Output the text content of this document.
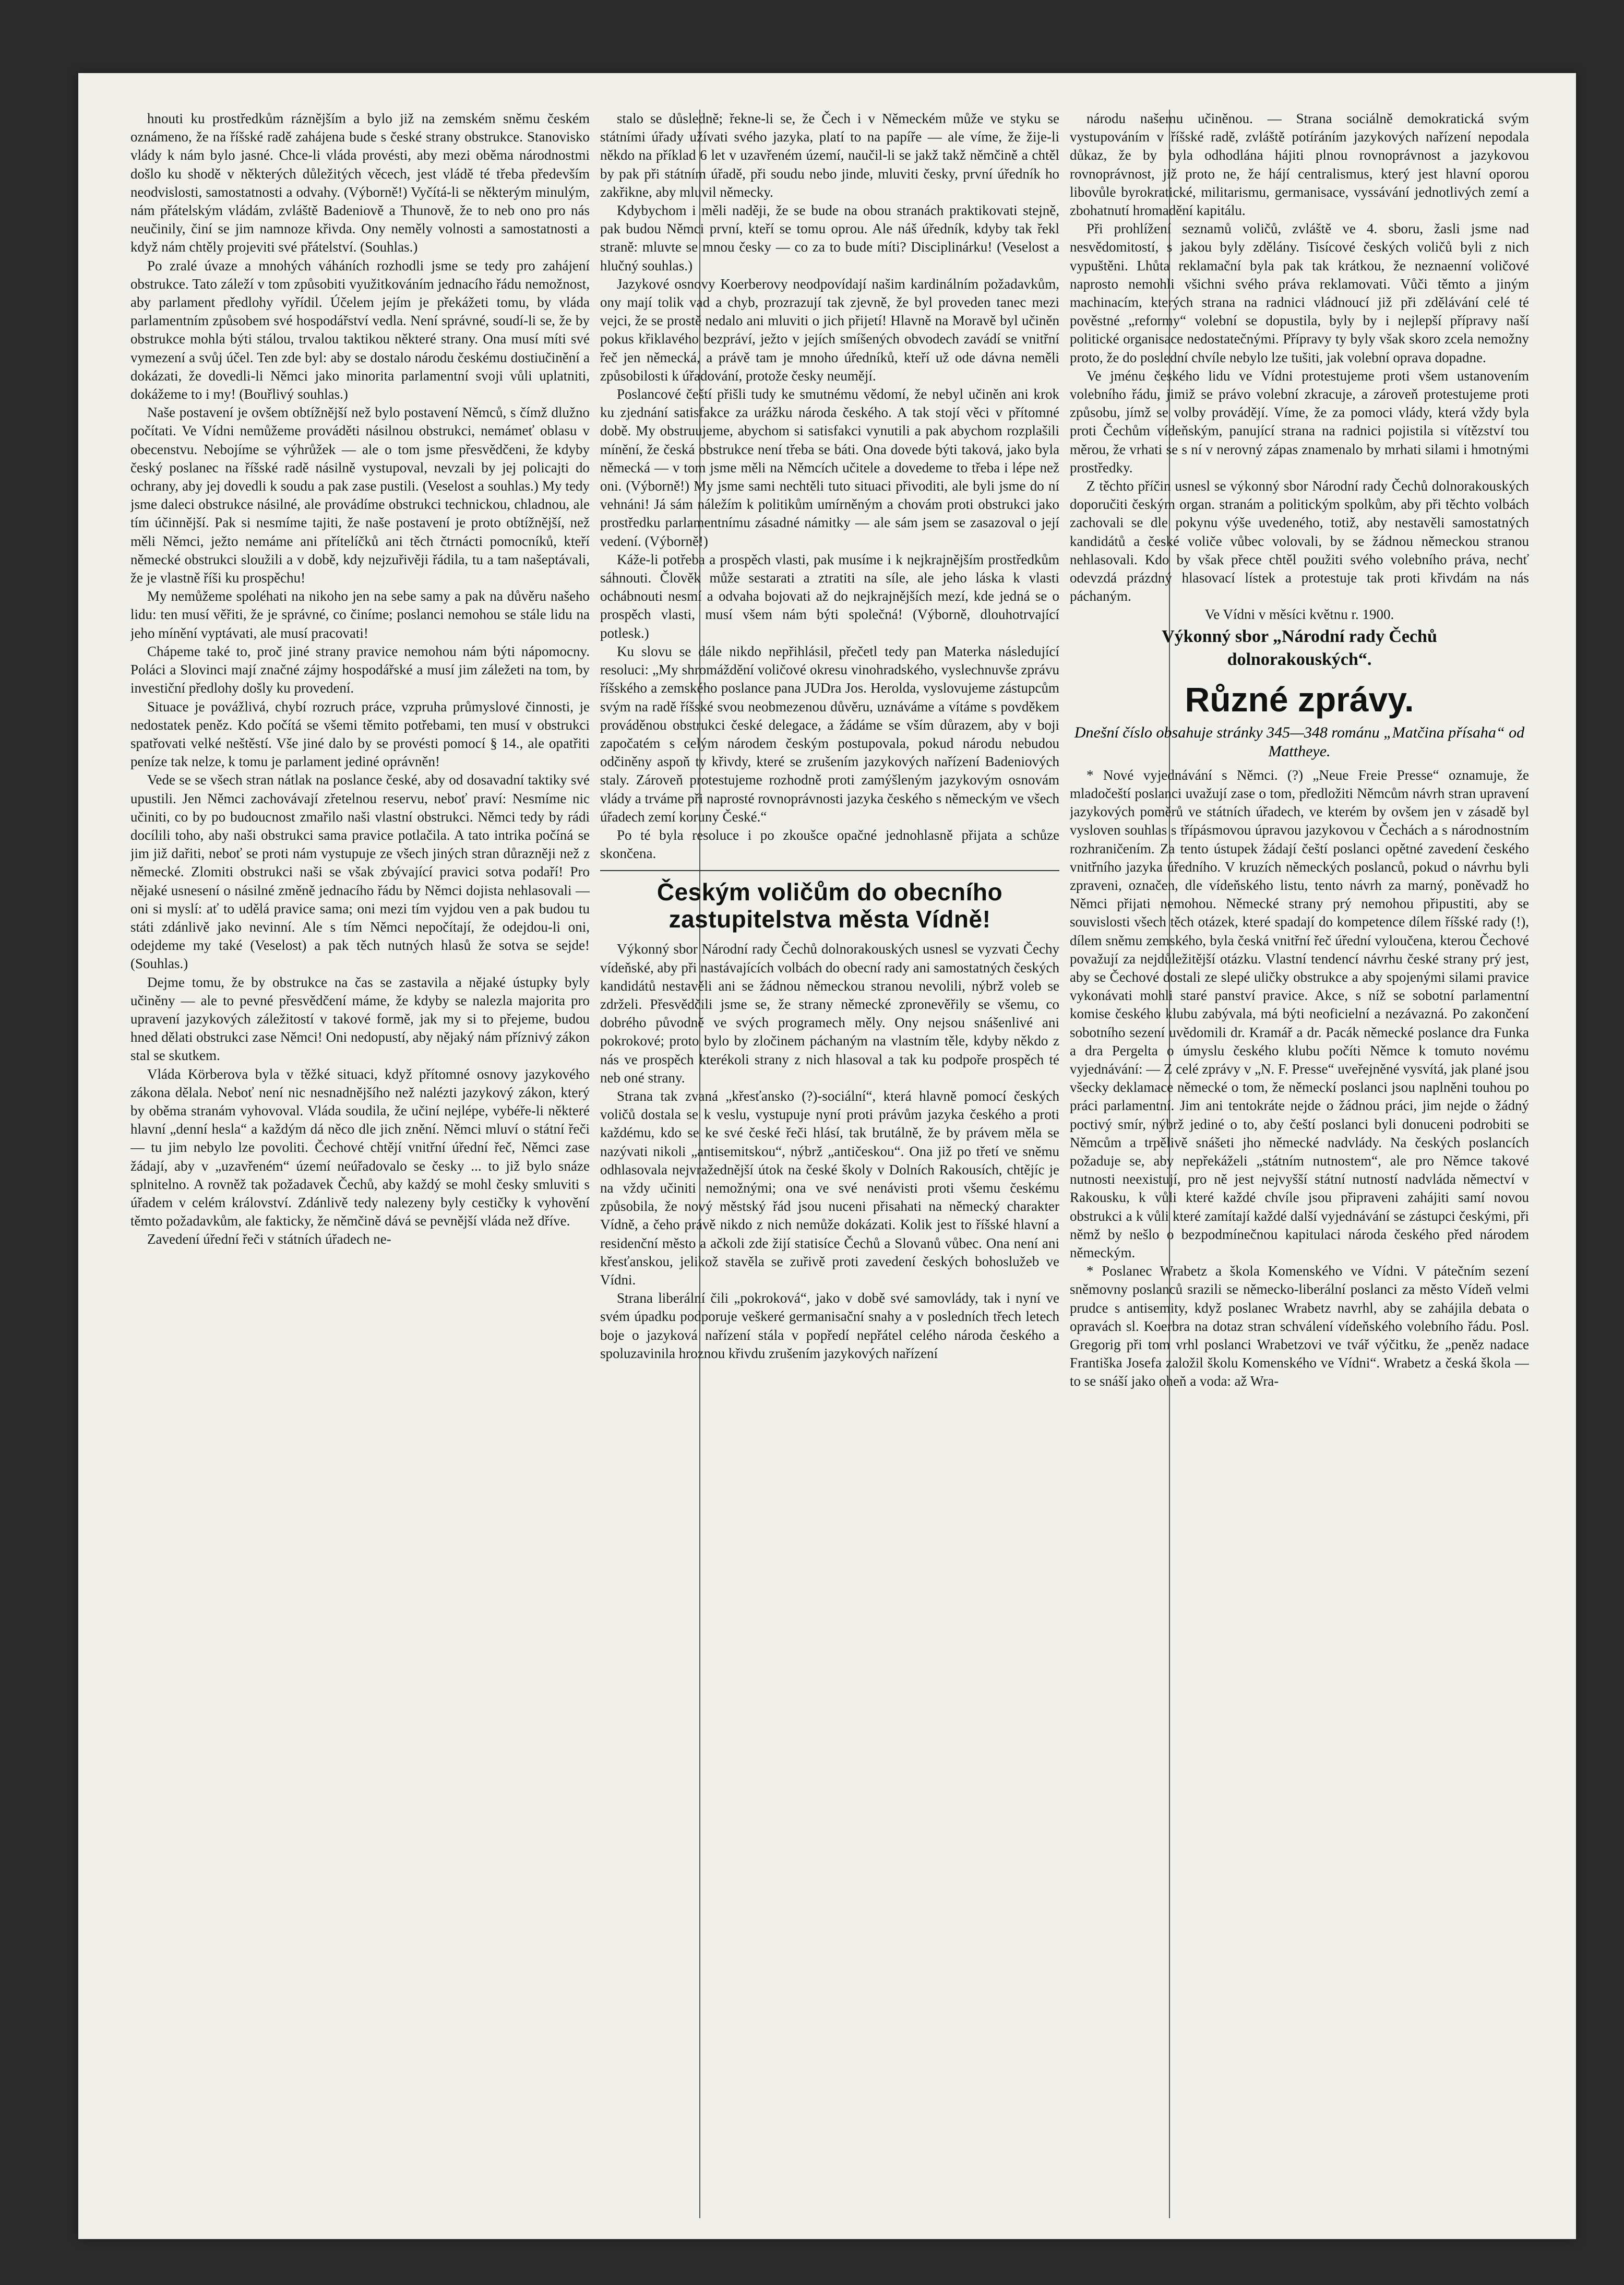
hnouti ku prostředkům ráznějším a bylo již na zemském sněmu českém oznámeno, že na říšské radě zahájena bude s české strany obstrukce. Stanovisko vlády k nám bylo jasné. Chce-li vláda provésti, aby mezi oběma národnostmi došlo ku shodě v některých důležitých věcech, jest vládě té třeba především neodvislosti, samostatnosti a odvahy. (Výborně!) Vyčítá-li se některým minulým, nám přátelským vládám, zvláště Badeniově a Thunově, že to neb ono pro nás neučinily, činí se jim namnoze křivda. Ony neměly volnosti a samostatnosti a když nám chtěly projeviti své přátelství. (Souhlas.)

Po zralé úvaze a mnohých váháních rozhodli jsme se tedy pro zahájení obstrukce. Tato záleží v tom způsobiti využitkováním jednacího řádu nemožnost, aby parlament předlohy vyřídil. Účelem jejím je překážeti tomu, by vláda parlamentním způsobem své hospodářství vedla. Není správné, soudí-li se, že by obstrukce mohla býti stálou, trvalou taktikou některé strany. Ona musí míti své vymezení a svůj účel. Ten zde byl: aby se dostalo národu českému dostiučinění a dokázati, že dovedli-li Němci jako minorita parlamentní svoji vůli uplatniti, dokážeme to i my! (Bouřlivý souhlas.)

Naše postavení je ovšem obtížnější než bylo postavení Němců, s čímž dlužno počítati. Ve Vídni nemůžeme prováděti násilnou obstrukci, nemámeť oblasu v obecenstvu. Nebojíme se výhrůžek — ale o tom jsme přesvědčeni, že kdyby český poslanec na říšské radě násilně vystupoval, nevzali by jej policajti do ochrany, aby jej dovedli k soudu a pak zase pustili. (Veselost a souhlas.) My tedy jsme daleci obstrukce násilné, ale provádíme obstrukci technickou, chladnou, ale tím účinnější. Pak si nesmíme tajiti, že naše postavení je proto obtížnější, než měli Němci, ježto nemáme ani přítelíčků ani těch čtrnácti pomocníků, kteří německé obstrukci sloužili a v době, kdy nejzuřivěji řádila, tu a tam našeptávali, že je vlastně říši ku prospěchu!

My nemůžeme spoléhati na nikoho jen na sebe samy a pak na důvěru našeho lidu: ten musí věřiti, že je správné, co činíme; poslanci nemohou se stále lidu na jeho mínění vyptávati, ale musí pracovati!

Chápeme také to, proč jiné strany pravice nemohou nám býti nápomocny. Poláci a Slovinci mají značné zájmy hospodářské a musí jim záležeti na tom, by investiční předlohy došly ku provedení.

Situace je povážlivá, chybí rozruch práce, vzpruha průmyslové činnosti, je nedostatek peněz. Kdo počítá se všemi těmito potřebami, ten musí v obstrukci spatřovati velké neštěstí. Vše jiné dalo by se provésti pomocí § 14., ale opatřiti peníze tak nelze, k tomu je parlament jediné oprávněn!

Vede se se všech stran nátlak na poslance české, aby od dosavadní taktiky své upustili. Jen Němci zachovávají zřetelnou reservu, neboť praví: Nesmíme nic učiniti, co by po budoucnost zmařilo naši vlastní obstrukci. Němci tedy by rádi docílili toho, aby naši obstrukci sama pravice potlačila. A tato intrika počíná se jim již dařiti, neboť se proti nám vystupuje ze všech jiných stran důrazněji než z německé. Zlomiti obstrukci naši se však zbývající pravici sotva podaří! Pro nějaké usnesení o násilné změně jednacího řádu by Němci dojista nehlasovali — oni si myslí: ať to udělá pravice sama; oni mezi tím vyjdou ven a pak budou tu státi zdánlivě jako nevinní. Ale s tím Němci nepočítají, že odejdou-li oni, odejdeme my také (Veselost) a pak těch nutných hlasů že sotva se sejde! (Souhlas.)

Dejme tomu, že by obstrukce na čas se zastavila a nějaké ústupky byly učiněny — ale to pevné přesvědčení máme, že kdyby se nalezla majorita pro upravení jazykových záležitostí v takové formě, jak my si to přejeme, budou hned dělati obstrukci zase Němci! Oni nedopustí, aby nějaký nám příznivý zákon stal se skutkem.

Vláda Körberova byla v těžké situaci, když přítomné osnovy jazykového zákona dělala. Neboť není nic nesnadnějšího než nalézti jazykový zákon, který by oběma stranám vyhovoval. Vláda soudila, že učiní nejlépe, vybéře-li některé hlavní „denní hesla“ a každým dá něco dle jich znění. Němci mluví o státní řeči — tu jim nebylo lze povoliti. Čechové chtějí vnitřní úřední řeč, Němci zase žádají, aby v „uzavřeném“ území neúřadovalo se česky ... to již bylo snáze splnitelno. A rovněž tak požadavek Čechů, aby každý se mohl česky smluviti s úřadem v celém království. Zdánlivě tedy nalezeny byly cestičky k vyhovění těmto požadavkům, ale fakticky, že němčině dává se pevnější vláda než dříve.

Zavedení úřední řeči v státních úřadech ne-

stalo se důsledně; řekne-li se, že Čech i v Německém může ve styku se státními úřady užívati svého jazyka, platí to na papíře — ale víme, že žije-li někdo na příklad 6 let v uzavřeném území, naučil-li se jakž takž němčině a chtěl by pak při státním úřadě, při soudu nebo jinde, mluviti česky, první úředník ho zakřikne, aby mluvil německy.

Kdybychom i měli naději, že se bude na obou stranách praktikovati stejně, pak budou Němci první, kteří se tomu oprou. Ale náš úředník, kdyby tak řekl straně: mluvte se mnou česky — co za to bude míti? Disciplinárku! (Veselost a hlučný souhlas.)

Jazykové osnovy Koerberovy neodpovídají našim kardinálním požadavkům, ony mají tolik vad a chyb, prozrazují tak zjevně, že byl proveden tanec mezi vejci, že se prostě nedalo ani mluviti o jich přijetí! Hlavně na Moravě byl učiněn pokus křiklavého bezpráví, ježto v jejích smíšených obvodech zavádí se vnitřní řeč jen německá, a právě tam je mnoho úředníků, kteří už ode dávna neměli způsobilosti k úřadování, protože česky neumějí.

Poslancové čeští přišli tudy ke smutnému vědomí, že nebyl učiněn ani krok ku zjednání satisfakce za urážku národa českého. A tak stojí věci v přítomné době. My obstruujeme, abychom si satisfakci vynutili a pak abychom rozplašili mínění, že česká obstrukce není třeba se báti. Ona dovede býti taková, jako byla německá — v tom jsme měli na Němcích učitele a dovedeme to třeba i lépe než oni. (Výborně!) My jsme sami nechtěli tuto situaci přivoditi, ale byli jsme do ní vehnáni! Já sám náležím k politikům umírněným a chovám proti obstrukci jako prostředku parlamentnímu zásadné námitky — ale sám jsem se zasazoval o její vedení. (Výborně!)

Káže-li potřeba a prospěch vlasti, pak musíme i k nejkrajnějším prostředkům sáhnouti. Člověk může sestarati a ztratiti na síle, ale jeho láska k vlasti ochábnouti nesmí a odvaha bojovati až do nejkrajnějších mezí, kde jedná se o prospěch vlasti, musí všem nám býti společná! (Výborně, dlouhotrvající potlesk.)

Ku slovu se dále nikdo nepřihlásil, přečetl tedy pan Materka následující resoluci: „My shromáždění voličové okresu vinohradského, vyslechnuvše zprávu říšského a zemského poslance pana JUDra Jos. Herolda, vyslovujeme zástupcům svým na radě říšské svou neobmezenou důvěru, uznáváme a vítáme s povděkem prováděnou obstrukci české delegace, a žádáme se vším důrazem, aby v boji započatém s celým národem českým postupovala, pokud národu nebudou odčiněny aspoň ty křivdy, které se zrušením jazykových nařízení Badeniových staly. Zároveň protestujeme rozhodně proti zamýšleným jazykovým osnovám vlády a trváme při naprosté rovnoprávnosti jazyka českého s německým ve všech úřadech zemí koruny České.“

Po té byla resoluce i po zkoušce opačné jednohlasně přijata a schůze skončena.

Českým voličům do obecního zastupitelstva města Vídně!

Výkonný sbor Národní rady Čechů dolnorakouských usnesl se vyzvati Čechy vídeňské, aby při nastávajících volbách do obecní rady ani samostatných českých kandidátů nestavěli ani se žádnou německou stranou nevolili, nýbrž voleb se zdrželi. Přesvědčili jsme se, že strany německé zpronevěřily se všemu, co dobrého původně ve svých programech měly. Ony nejsou snášenlivé ani pokrokové; proto bylo by zločinem páchaným na vlastním těle, kdyby někdo z nás ve prospěch kterékoli strany z nich hlasoval a tak ku podpoře prospěch té neb oné strany.

Strana tak zvaná „křesťansko (?)-sociální“, která hlavně pomocí českých voličů dostala se k veslu, vystupuje nyní proti právům jazyka českého a proti každému, kdo se ke své české řeči hlásí, tak brutálně, že by právem měla se nazývati nikoli „antisemitskou“, nýbrž „antičeskou“. Ona již po třetí ve sněmu odhlasovala nejvražednější útok na české školy v Dolních Rakousích, chtějíc je na vždy učiniti nemožnými; ona ve své nenávisti proti všemu českému způsobila, že nový městský řád jsou nuceni přisahati na německý charakter Vídně, a čeho právě nikdo z nich nemůže dokázati. Kolik jest to říšské hlavní a residenční město a ačkoli zde žijí statisíce Čechů a Slovanů vůbec. Ona není ani křesťanskou, jelikož stavěla se zuřivě proti zavedení českých bohoslužeb ve Vídni.

Strana liberální čili „pokroková“, jako v době své samovlády, tak i nyní ve svém úpadku podporuje veškeré germanisační snahy a v posledních třech letech boje o jazyková nařízení stála v popředí nepřátel celého národa českého a spoluzavinila hroznou křivdu zrušením jazykových nařízení

národu našemu učiněnou. — Strana sociálně demokratická svým vystupováním v říšské radě, zvláště potíráním jazykových nařízení nepodala důkaz, že by byla odhodlána hájiti plnou rovnoprávnost a jazykovou rovnoprávnost, již proto ne, že hájí centralismus, který jest hlavní oporou libovůle byrokratické, militarismu, germanisace, vyssávání jednotlivých zemí a zbohatnutí hromadění kapitálu.

Při prohlížení seznamů voličů, zvláště ve 4. sboru, žasli jsme nad nesvědomitostí, s jakou byly zdělány. Tisícové českých voličů byli z nich vypuštěni. Lhůta reklamační byla pak tak krátkou, že neznaenní voličové naprosto nemohli všichni svého práva reklamovati. Vůči těmto a jiným machinacím, kterých strana na radnici vládnoucí již při zdělávání celé té pověstné „reformy“ volební se dopustila, byly by i nejlepší přípravy naší politické organisace nedostatečnými. Přípravy ty byly však skoro zcela nemožny proto, že do poslední chvíle nebylo lze tušiti, jak volební oprava dopadne.

Ve jménu českého lidu ve Vídni protestujeme proti všem ustanovením volebního řádu, jimiž se právo volební zkracuje, a zároveň protestujeme proti způsobu, jímž se volby provádějí. Víme, že za pomoci vlády, která vždy byla proti Čechům vídeňským, panující strana na radnici pojistila si vítězství tou měrou, že vrhati se s ní v nerovný zápas znamenalo by mrhati silami i hmotnými prostředky.

Z těchto příčin usnesl se výkonný sbor Národní rady Čechů dolnorakouských doporučiti českým organ. stranám a politickým spolkům, aby při těchto volbách zachovali se dle pokynu výše uvedeného, totiž, aby nestavěli samostatných kandidátů a české voliče vůbec volovali, by se žádnou německou stranou nehlasovali. Kdo by však přece chtěl použiti svého volebního práva, nechť odevzdá prázdný hlasovací lístek a protestuje tak proti křivdám na nás páchaným.

Ve Vídni v měsíci květnu r. 1900.

Výkonný sbor „Národní rady Čechů
dolnorakouských“.
Různé zprávy.
Dnešní číslo obsahuje stránky 345—348 románu „Matčina přísaha“ od Mattheye.

* Nové vyjednávání s Němci. (?) „Neue Freie Presse“ oznamuje, že mladočeští poslanci uvažují zase o tom, předložiti Němcům návrh stran upravení jazykových poměrů ve státních úřadech, ve kterém by ovšem jen v zásadě byl vysloven souhlas s třípásmovou úpravou jazykovou v Čechách a s národnostním rozhraničením. Za tento ústupek žádají čeští poslanci opětné zavedení českého vnitřního jazyka úředního. V kruzích německých poslanců, pokud o návrhu byli zpraveni, označen, dle vídeňského listu, tento návrh za marný, poněvadž ho Němci přijati nemohou. Německé strany prý nemohou připustiti, aby se souvislosti všech těch otázek, které spadají do kompetence dílem říšské rady (!), dílem sněmu zemského, byla česká vnitřní řeč úřední vyloučena, kterou Čechové považují za nejdůležitější otázku. Vlastní tendencí návrhu české strany prý jest, aby se Čechové dostali ze slepé uličky obstrukce a aby spojenými silami pravice vykonávati mohli staré panství pravice. Akce, s níž se sobotní parlamentní komise českého klubu zabývala, má býti neoficielní a nezávazná. Po zakončení sobotního sezení uvědomili dr. Kramář a dr. Pacák německé poslance dra Funka a dra Pergelta o úmyslu českého klubu počíti Němce k tomuto novému vyjednávání: — Z celé zprávy v „N. F. Presse“ uveřejněné vysvítá, jak plané jsou všecky deklamace německé o tom, že německí poslanci jsou naplněni touhou po práci parlamentní. Jim ani tentokráte nejde o žádnou práci, jim nejde o žádný poctivý smír, nýbrž jediné o to, aby čeští poslanci byli donuceni podrobiti se Němcům a trpělivě snášeti jho německé nadvlády. Na českých poslancích požaduje se, aby nepřekáželi „státním nutnostem“, ale pro Němce takové nutnosti neexistují, pro ně jest nejvyšší státní nutností nadvláda němectví v Rakousku, k vůli které každé chvíle jsou připraveni zahájiti samí novou obstrukci a k vůli které zamítají každé další vyjednávání se zástupci českými, při němž by nešlo o bezpodmínečnou kapitulaci národa českého před národem německým.

* Poslanec Wrabetz a škola Komenského ve Vídni. V pátečním sezení sněmovny poslanců srazili se německo-liberální poslanci za město Vídeň velmi prudce s antisemity, když poslanec Wrabetz navrhl, aby se zahájila debata o opravách sl. Koerbra na dotaz stran schválení vídeňského volebního řádu. Posl. Gregorig při tom vrhl poslanci Wrabetzovi ve tvář výčitku, že „peněz nadace Františka Josefa založil školu Komenského ve Vídni“. Wrabetz a česká škola — to se snáší jako oheň a voda: až Wra-
